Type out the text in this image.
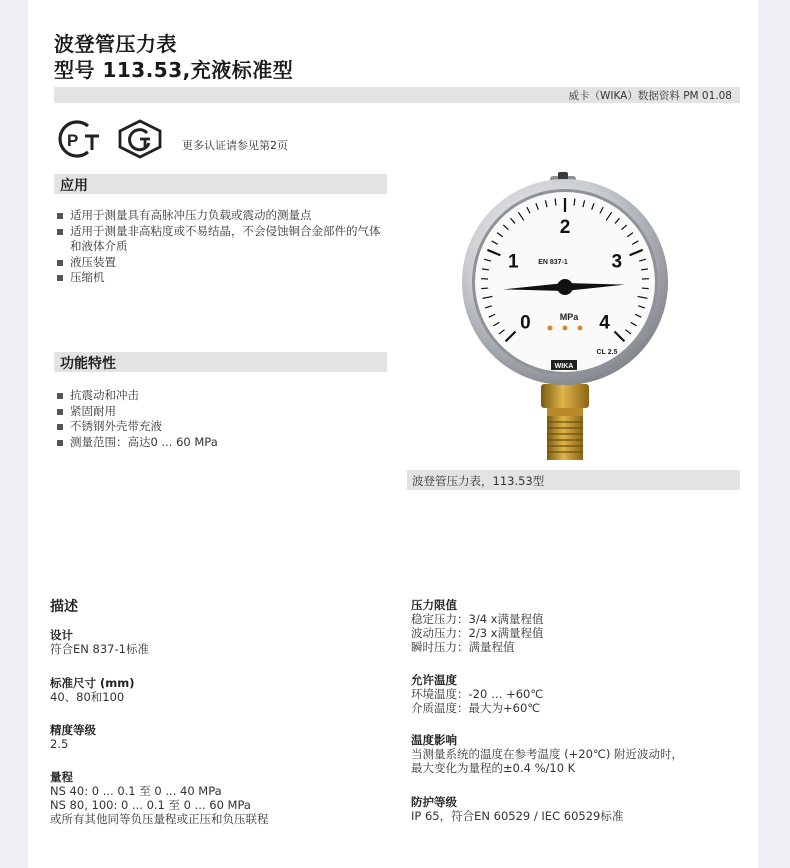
波登管压力表
型号 113.53,充液标准型
威卡（WIKA）数据资料 PM 01.08
P	更多认证请参见第2页
应用
适用于测量具有高脉冲压力负载或震动的测量点
适用于测量非高粘度或不易结晶，不会侵蚀铜合金部件的气体和液体介质
液压装置
压缩机
功能特性
抗震动和冲击
紧固耐用
不锈钢外壳带充液
测量范围：高达0 ... 60 MPa
0
1
2
3
4
EN 837-1
MPa
CL 2.5
WIKA
波登管压力表，113.53型
描述
设计
符合EN 837-1标准
标准尺寸 (mm)
40、80和100
精度等级
2.5
量程
NS 40: 0 ... 0.1 至 0 ... 40 MPa
NS 80, 100: 0 ... 0.1 至 0 ... 60 MPa
或所有其他同等负压量程或正压和负压联程
压力限值
稳定压力：3/4 x满量程值
波动压力：2/3 x满量程值
瞬时压力：满量程值
允许温度
环境温度：-20 … +60℃
介质温度：最大为+60℃
温度影响
当测量系统的温度在参考温度 (+20℃) 附近波动时，
最大变化为量程的±0.4 %/10 K
防护等级
IP 65，符合EN 60529 / IEC 60529标准
